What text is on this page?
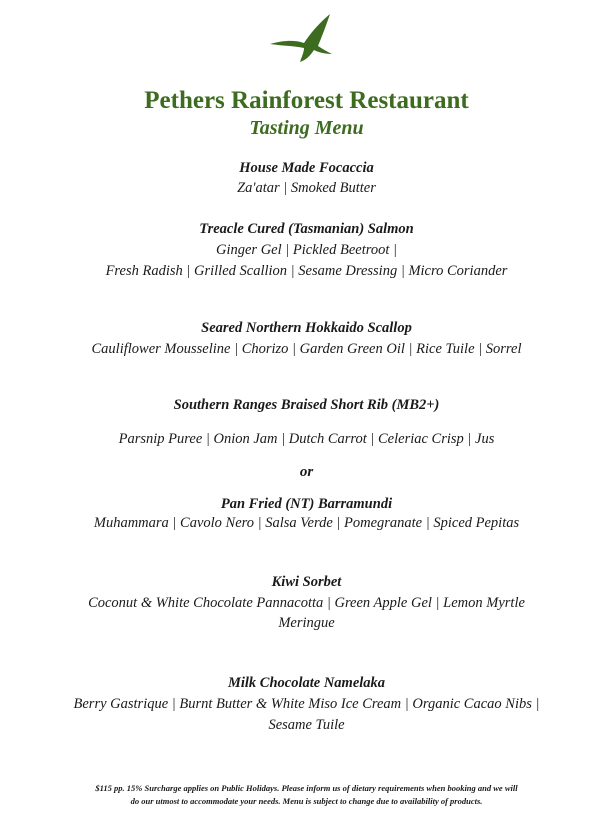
Pethers Rainforest Restaurant
Tasting Menu
House Made Focaccia
Za'atar | Smoked Butter
Treacle Cured (Tasmanian) Salmon
Ginger Gel | Pickled Beetroot |
Fresh Radish | Grilled Scallion | Sesame Dressing | Micro Coriander
Seared Northern Hokkaido Scallop
Cauliflower Mousseline | Chorizo | Garden Green Oil | Rice Tuile | Sorrel
Southern Ranges Braised Short Rib (MB2+)
Parsnip Puree | Onion Jam | Dutch Carrot | Celeriac Crisp | Jus
or
Pan Fried (NT) Barramundi
Muhammara | Cavolo Nero | Salsa Verde | Pomegranate | Spiced Pepitas
Kiwi Sorbet
Coconut & White Chocolate Pannacotta | Green Apple Gel | Lemon Myrtle
Meringue
Milk Chocolate Namelaka
Berry Gastrique | Burnt Butter & White Miso Ice Cream | Organic Cacao Nibs |
Sesame Tuile
$115 pp. 15% Surcharge applies on Public Holidays. Please inform us of dietary requirements when booking and we will
do our utmost to accommodate your needs. Menu is subject to change due to availability of products.
